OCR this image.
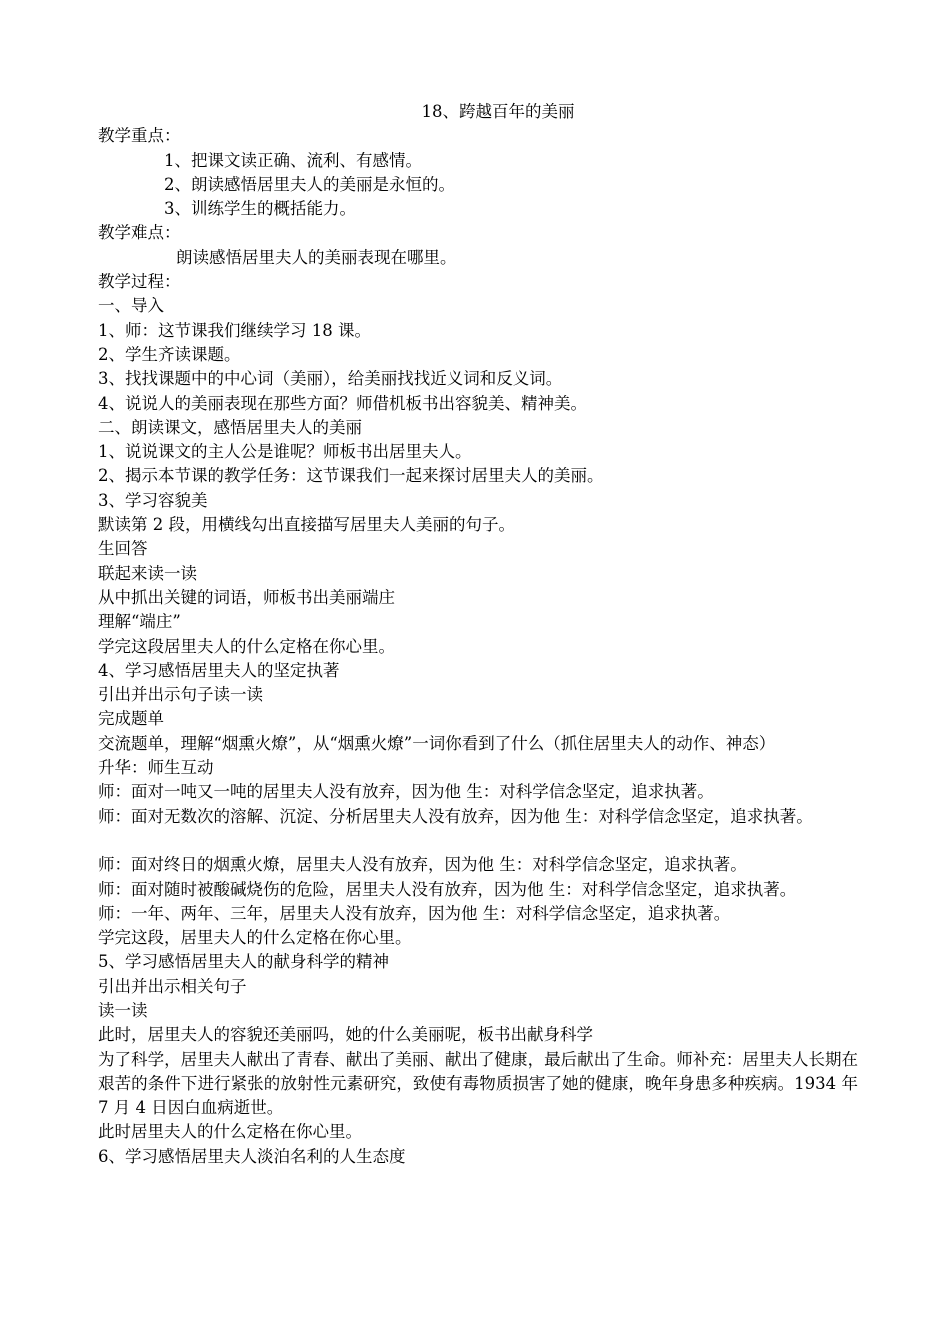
18、跨越百年的美丽
教学重点：
1、把课文读正确、流利、有感情。
2、朗读感悟居里夫人的美丽是永恒的。
3、训练学生的概括能力。
教学难点：
朗读感悟居里夫人的美丽表现在哪里。
教学过程：
一、导入
1、师：这节课我们继续学习 18 课。
2、学生齐读课题。
3、找找课题中的中心词（美丽），给美丽找找近义词和反义词。
4、说说人的美丽表现在那些方面？师借机板书出容貌美、精神美。
二、朗读课文，感悟居里夫人的美丽
1、说说课文的主人公是谁呢？师板书出居里夫人。
2、揭示本节课的教学任务：这节课我们一起来探讨居里夫人的美丽。
3、学习容貌美
默读第 2 段，用横线勾出直接描写居里夫人美丽的句子。
生回答
联起来读一读
从中抓出关键的词语，师板书出美丽端庄
理解“端庄”
学完这段居里夫人的什么定格在你心里。
4、学习感悟居里夫人的坚定执著
引出并出示句子读一读
完成题单
交流题单，理解“烟熏火燎”，从“烟熏火燎”一词你看到了什么（抓住居里夫人的动作、神态）
升华：师生互动
师：面对一吨又一吨的居里夫人没有放弃，因为他 生：对科学信念坚定，追求执著。
师：面对无数次的溶解、沉淀、分析居里夫人没有放弃，因为他 生：对科学信念坚定，追求执著。
师：面对终日的烟熏火燎，居里夫人没有放弃，因为他 生：对科学信念坚定，追求执著。
师：面对随时被酸碱烧伤的危险，居里夫人没有放弃，因为他 生：对科学信念坚定，追求执著。
师：一年、两年、三年，居里夫人没有放弃，因为他 生：对科学信念坚定，追求执著。
学完这段，居里夫人的什么定格在你心里。
5、学习感悟居里夫人的献身科学的精神
引出并出示相关句子
读一读
此时，居里夫人的容貌还美丽吗，她的什么美丽呢，板书出献身科学
为了科学，居里夫人献出了青春、献出了美丽、献出了健康，最后献出了生命。师补充：居里夫人长期在艰苦的条件下进行紧张的放射性元素研究，致使有毒物质损害了她的健康，晚年身患多种疾病。1934 年 7 月 4 日因白血病逝世。
此时居里夫人的什么定格在你心里。
6、学习感悟居里夫人淡泊名利的人生态度
